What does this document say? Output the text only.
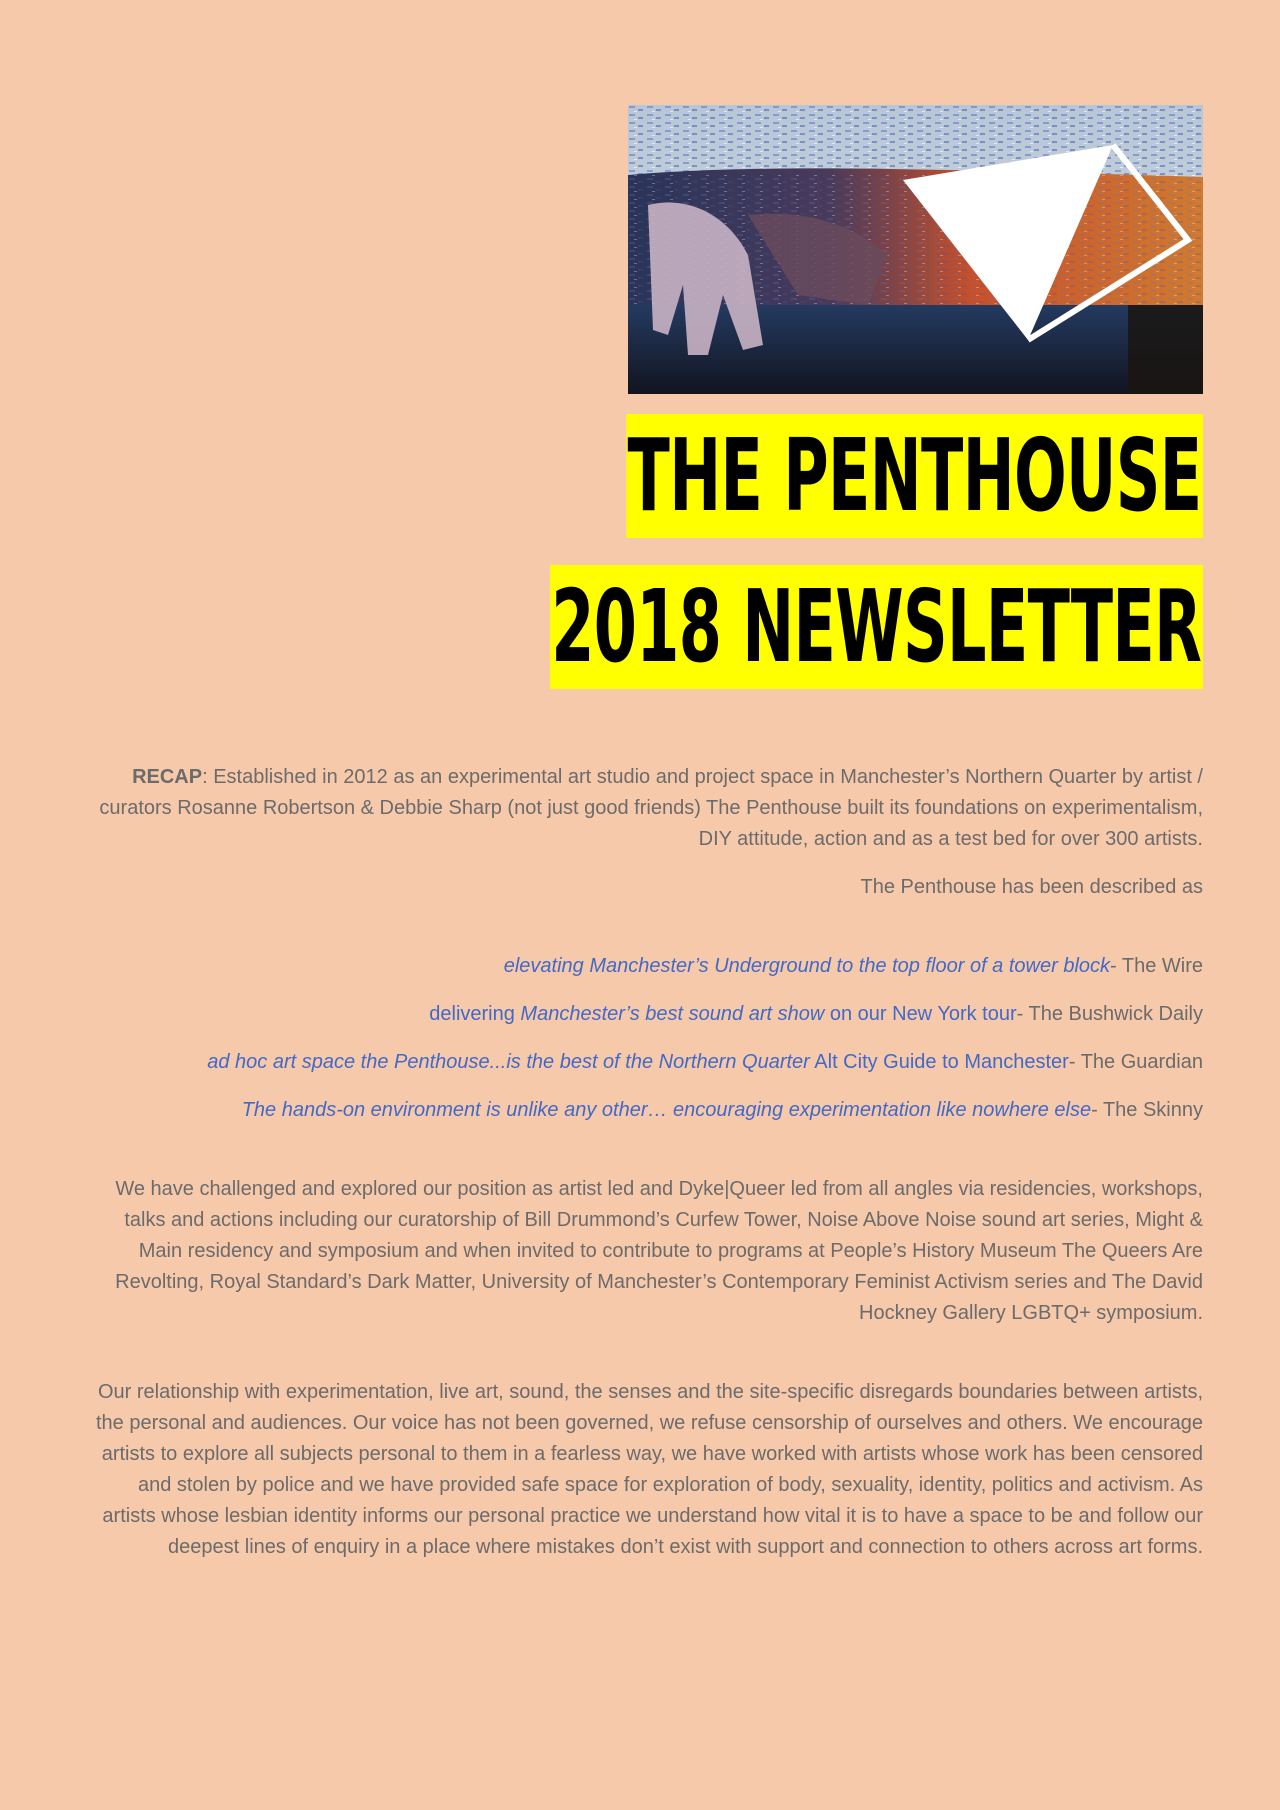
THE PENTHOUSE
2018 NEWSLETTER

RECAP: Established in 2012 as an experimental art studio and project space in Manchester’s Northern Quarter by artist / curators Rosanne Robertson & Debbie Sharp (not just good friends) The Penthouse built its foundations on experimentalism, DIY attitude, action and as a test bed for over 300 artists.

The Penthouse has been described as

elevating Manchester’s Underground to the top floor of a tower block- The Wire

delivering Manchester’s best sound art show on our New York tour- The Bushwick Daily

ad hoc art space the Penthouse...is the best of the Northern Quarter Alt City Guide to Manchester- The Guardian

The hands-on environment is unlike any other… encouraging experimentation like nowhere else- The Skinny

We have challenged and explored our position as artist led and Dyke|Queer led from all angles via residencies, workshops, talks and actions including our curatorship of Bill Drummond’s Curfew Tower, Noise Above Noise sound art series, Might & Main residency and symposium and when invited to contribute to programs at People’s History Museum The Queers Are Revolting, Royal Standard’s Dark Matter, University of Manchester’s Contemporary Feminist Activism series and The David Hockney Gallery LGBTQ+ symposium.

Our relationship with experimentation, live art, sound, the senses and the site-specific disregards boundaries between artists, the personal and audiences. Our voice has not been governed, we refuse censorship of ourselves and others. We encourage artists to explore all subjects personal to them in a fearless way, we have worked with artists whose work has been censored and stolen by police and we have provided safe space for exploration of body, sexuality, identity, politics and activism. As artists whose lesbian identity informs our personal practice we understand how vital it is to have a space to be and follow our deepest lines of enquiry in a place where mistakes don’t exist with support and connection to others across art forms.
